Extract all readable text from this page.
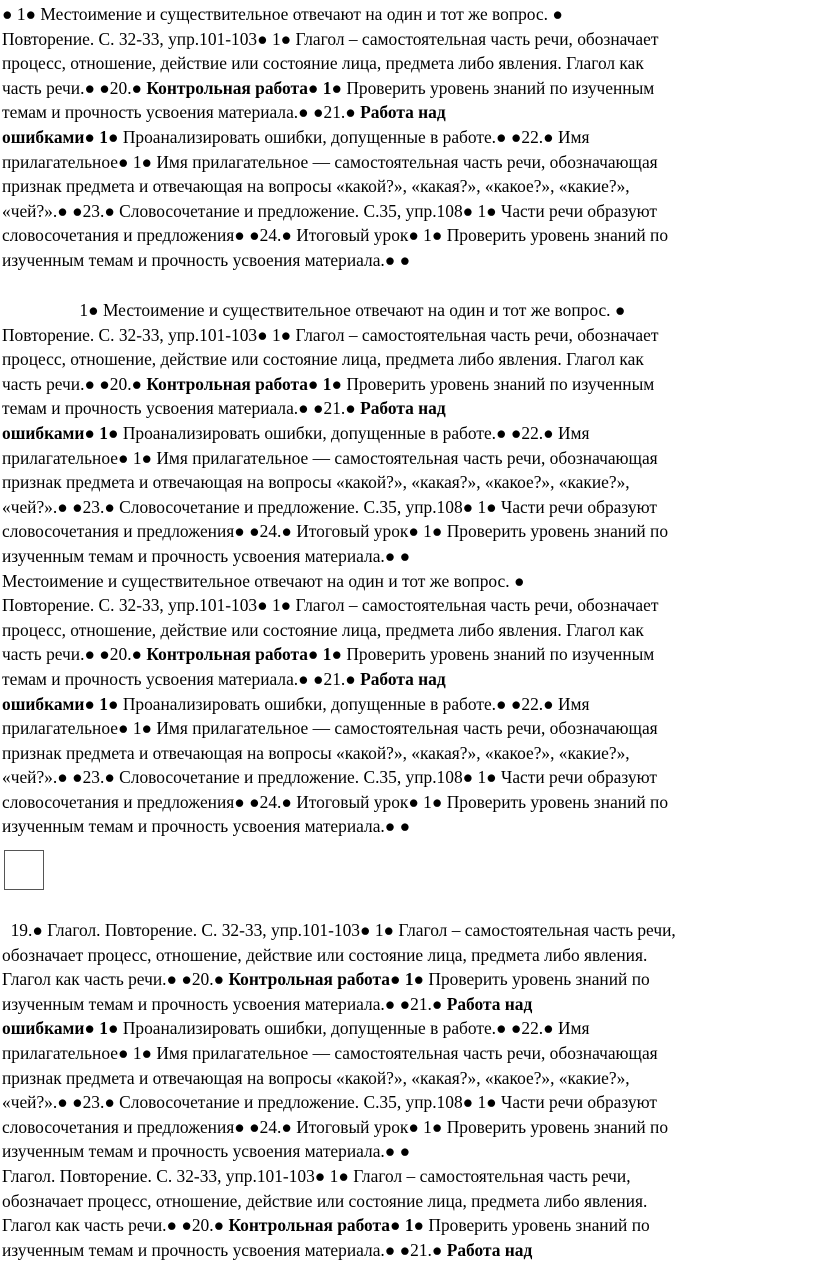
● 1● Местоимение и существительное отвечают на один и тот же вопрос. ●

Повторение. С. 32-33, упр.101-103● 1● Глагол – самостоятельная часть речи, обозначает

процесс, отношение, действие или состояние лица, предмета либо явления. Глагол как

часть речи.● ●20.● Контрольная работа● 1● Проверить уровень знаний по изученным

темам и прочность усвоения материала.● ●21.● Работа над

ошибками● 1● Проанализировать ошибки, допущенные в работе.● ●22.● Имя

прилагательное● 1● Имя прилагательное — самостоятельная часть речи, обозначающая

признак предмета и отвечающая на вопросы «какой?», «какая?», «какое?», «какие?»,

«чей?».● ●23.● Словосочетание и предложение. С.35, упр.108● 1● Части речи образуют

словосочетания и предложения● ●24.● Итоговый урок● 1● Проверить уровень знаний по

изученным темам и прочность усвоения материала.● ●

1● Местоимение и существительное отвечают на один и тот же вопрос. ●

Повторение. С. 32-33, упр.101-103● 1● Глагол – самостоятельная часть речи, обозначает

процесс, отношение, действие или состояние лица, предмета либо явления. Глагол как

часть речи.● ●20.● Контрольная работа● 1● Проверить уровень знаний по изученным

темам и прочность усвоения материала.● ●21.● Работа над

ошибками● 1● Проанализировать ошибки, допущенные в работе.● ●22.● Имя

прилагательное● 1● Имя прилагательное — самостоятельная часть речи, обозначающая

признак предмета и отвечающая на вопросы «какой?», «какая?», «какое?», «какие?»,

«чей?».● ●23.● Словосочетание и предложение. С.35, упр.108● 1● Части речи образуют

словосочетания и предложения● ●24.● Итоговый урок● 1● Проверить уровень знаний по

изученным темам и прочность усвоения материала.● ●

Местоимение и существительное отвечают на один и тот же вопрос. ●

Повторение. С. 32-33, упр.101-103● 1● Глагол – самостоятельная часть речи, обозначает

процесс, отношение, действие или состояние лица, предмета либо явления. Глагол как

часть речи.● ●20.● Контрольная работа● 1● Проверить уровень знаний по изученным

темам и прочность усвоения материала.● ●21.● Работа над

ошибками● 1● Проанализировать ошибки, допущенные в работе.● ●22.● Имя

прилагательное● 1● Имя прилагательное — самостоятельная часть речи, обозначающая

признак предмета и отвечающая на вопросы «какой?», «какая?», «какое?», «какие?»,

«чей?».● ●23.● Словосочетание и предложение. С.35, упр.108● 1● Части речи образуют

словосочетания и предложения● ●24.● Итоговый урок● 1● Проверить уровень знаний по

изученным темам и прочность усвоения материала.● ●

19.● Глагол. Повторение. С. 32-33, упр.101-103● 1● Глагол – самостоятельная часть речи,

обозначает процесс, отношение, действие или состояние лица, предмета либо явления.

Глагол как часть речи.● ●20.● Контрольная работа● 1● Проверить уровень знаний по

изученным темам и прочность усвоения материала.● ●21.● Работа над

ошибками● 1● Проанализировать ошибки, допущенные в работе.● ●22.● Имя

прилагательное● 1● Имя прилагательное — самостоятельная часть речи, обозначающая

признак предмета и отвечающая на вопросы «какой?», «какая?», «какое?», «какие?»,

«чей?».● ●23.● Словосочетание и предложение. С.35, упр.108● 1● Части речи образуют

словосочетания и предложения● ●24.● Итоговый урок● 1● Проверить уровень знаний по

изученным темам и прочность усвоения материала.● ●

Глагол. Повторение. С. 32-33, упр.101-103● 1● Глагол – самостоятельная часть речи,

обозначает процесс, отношение, действие или состояние лица, предмета либо явления.

Глагол как часть речи.● ●20.● Контрольная работа● 1● Проверить уровень знаний по

изученным темам и прочность усвоения материала.● ●21.● Работа над
